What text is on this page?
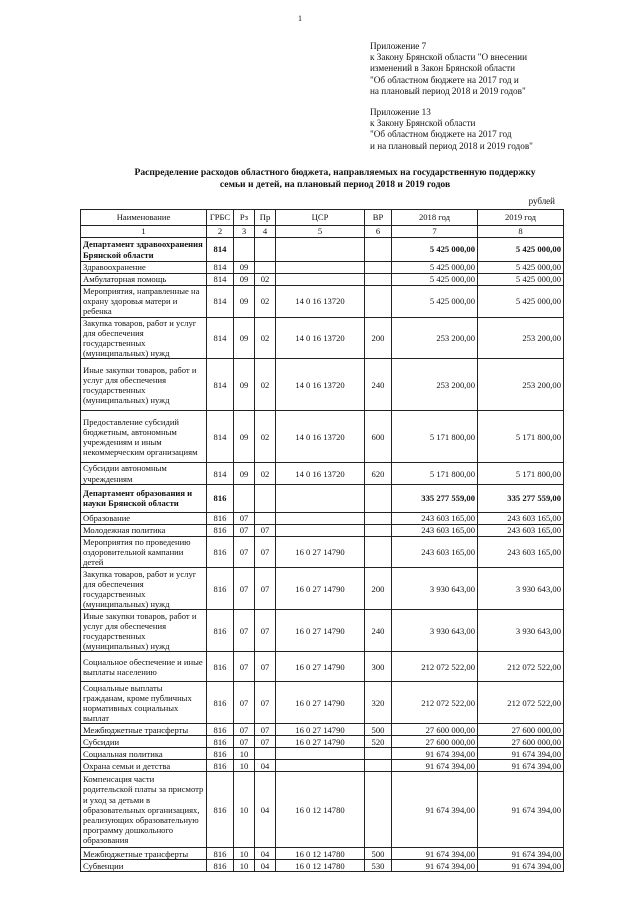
1
Приложение 7
к Закону Брянской области "О внесении
изменений в Закон Брянской области
"Об областном бюджете на 2017 год и
на плановый период 2018 и 2019 годов"
Приложение 13
к Закону Брянской области
"Об областном бюджете на 2017 год
и на плановый период 2018 и 2019 годов"
Распределение расходов областного бюджета, направляемых на государственную поддержку
семьи и детей, на плановый период 2018 и 2019 годов
рублей
Наименование	ГРБС	Рз	Пр	ЦСР	ВР	2018 год	2019 год
1	2	3	4	5	6	7	8
Департамент здравоохранения Брянской области	814					5 425 000,00	5 425 000,00
Здравоохранение	814	09				5 425 000,00	5 425 000,00
Амбулаторная помощь	814	09	02			5 425 000,00	5 425 000,00
Мероприятия, направленные на охрану здоровья матери и ребенка	814	09	02	14 0 16 13720		5 425 000,00	5 425 000,00
Закупка товаров, работ и услуг для обеспечения государственных (муниципальных) нужд	814	09	02	14 0 16 13720	200	253 200,00	253 200,00
Иные закупки товаров, работ и услуг для обеспечения государственных (муниципальных) нужд	814	09	02	14 0 16 13720	240	253 200,00	253 200,00
Предоставление субсидий бюджетным, автономным учреждениям и иным некоммерческим организациям	814	09	02	14 0 16 13720	600	5 171 800,00	5 171 800,00
Субсидии автономным учреждениям	814	09	02	14 0 16 13720	620	5 171 800,00	5 171 800,00
Департамент образования и науки Брянской области	816					335 277 559,00	335 277 559,00
Образование	816	07				243 603 165,00	243 603 165,00
Молодежная политика	816	07	07			243 603 165,00	243 603 165,00
Мероприятия по проведению оздоровительной кампании детей	816	07	07	16 0 27 14790		243 603 165,00	243 603 165,00
Закупка товаров, работ и услуг для обеспечения государственных (муниципальных) нужд	816	07	07	16 0 27 14790	200	3 930 643,00	3 930 643,00
Иные закупки товаров, работ и услуг для обеспечения государственных (муниципальных) нужд	816	07	07	16 0 27 14790	240	3 930 643,00	3 930 643,00
Социальное обеспечение и иные выплаты населению	816	07	07	16 0 27 14790	300	212 072 522,00	212 072 522,00
Социальные выплаты гражданам, кроме публичных нормативных социальных выплат	816	07	07	16 0 27 14790	320	212 072 522,00	212 072 522,00
Межбюджетные трансферты	816	07	07	16 0 27 14790	500	27 600 000,00	27 600 000,00
Субсидии	816	07	07	16 0 27 14790	520	27 600 000,00	27 600 000,00
Социальная политика	816	10				91 674 394,00	91 674 394,00
Охрана семьи и детства	816	10	04			91 674 394,00	91 674 394,00
Компенсация части родительской платы за присмотр и уход за детьми в образовательных организациях, реализующих образовательную программу дошкольного образования	816	10	04	16 0 12 14780		91 674 394,00	91 674 394,00
Межбюджетные трансферты	816	10	04	16 0 12 14780	500	91 674 394,00	91 674 394,00
Субвенции	816	10	04	16 0 12 14780	530	91 674 394,00	91 674 394,00
